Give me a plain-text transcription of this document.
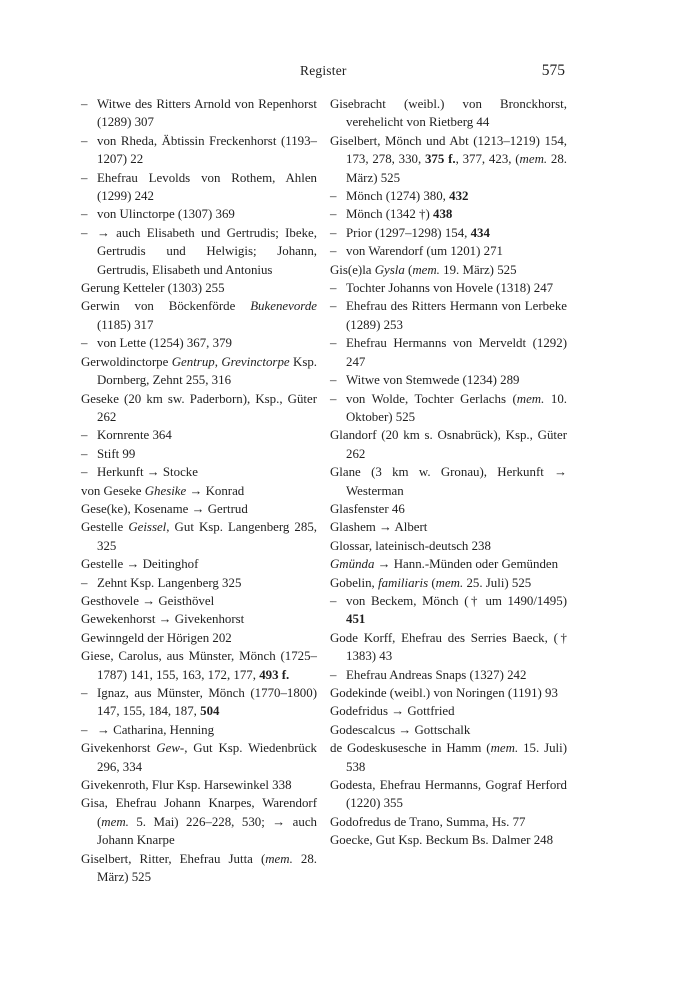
Register	575

– Witwe des Ritters Arnold von Repenhorst (1289) 307

– von Rheda, Äbtissin Freckenhorst (1193–1207) 22

– Ehefrau Levolds von Rothem, Ahlen (1299) 242

– von Ulinctorpe (1307) 369

– → auch Elisabeth und Gertrudis; Ibeke, Gertrudis und Helwigis; Johann, Gertrudis, Elisabeth und Antonius

Gerung Ketteler (1303) 255

Gerwin von Böckenförde Bukenevorde (1185) 317

– von Lette (1254) 367, 379

Gerwoldinctorpe Gentrup, Grevinctorpe Ksp. Dornberg, Zehnt 255, 316

Geseke (20 km sw. Paderborn), Ksp., Güter 262

– Kornrente 364

– Stift 99

– Herkunft → Stocke

von Geseke Ghesike → Konrad

Gese(ke), Kosename → Gertrud

Gestelle Geissel, Gut Ksp. Langenberg 285, 325

Gestelle → Deitinghof

– Zehnt Ksp. Langenberg 325

Gesthovele → Geisthövel

Gewekenhorst → Givekenhorst

Gewinngeld der Hörigen 202

Giese, Carolus, aus Münster, Mönch (1725–1787) 141, 155, 163, 172, 177, 493 f.

– Ignaz, aus Münster, Mönch (1770–1800) 147, 155, 184, 187, 504

– → Catharina, Henning

Givekenhorst Gew-, Gut Ksp. Wiedenbrück 296, 334

Givekenroth, Flur Ksp. Harsewinkel 338

Gisa, Ehefrau Johann Knarpes, Warendorf (mem. 5. Mai) 226–228, 530; → auch Johann Knarpe

Giselbert, Ritter, Ehefrau Jutta (mem. 28. März) 525

Gisebracht (weibl.) von Bronckhorst, verehelicht von Rietberg 44

Giselbert, Mönch und Abt (1213–1219) 154, 173, 278, 330, 375 f., 377, 423, (mem. 28. März) 525

– Mönch (1274) 380, 432

– Mönch (1342 †) 438

– Prior (1297–1298) 154, 434

– von Warendorf (um 1201) 271

Gis(e)la Gysla (mem. 19. März) 525

– Tochter Johanns von Hovele (1318) 247

– Ehefrau des Ritters Hermann von Lerbeke (1289) 253

– Ehefrau Hermanns von Merveldt (1292) 247

– Witwe von Stemwede (1234) 289

– von Wolde, Tochter Gerlachs (mem. 10. Oktober) 525

Glandorf (20 km s. Osnabrück), Ksp., Güter 262

Glane (3 km w. Gronau), Herkunft → Westerman

Glasfenster 46

Glashem → Albert

Glossar, lateinisch-deutsch 238

Gmünda → Hann.-Münden oder Gemünden

Gobelin, familiaris (mem. 25. Juli) 525

– von Beckem, Mönch († um 1490/1495) 451

Gode Korff, Ehefrau des Serries Baeck, († 1383) 43

– Ehefrau Andreas Snaps (1327) 242

Godekinde (weibl.) von Noringen (1191) 93

Godefridus → Gottfried

Godescalcus → Gottschalk

de Godeskusesche in Hamm (mem. 15. Juli) 538

Godesta, Ehefrau Hermanns, Gograf Herford (1220) 355

Godofredus de Trano, Summa, Hs. 77

Goecke, Gut Ksp. Beckum Bs. Dalmer 248
